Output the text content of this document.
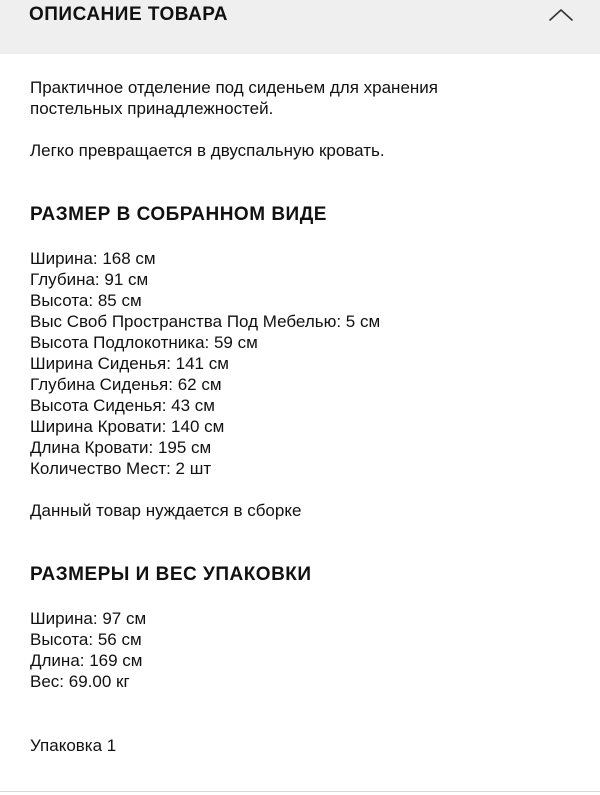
ОПИСАНИЕ ТОВАРА

Практичное отделение под сиденьем для хранения постельных принадлежностей.

Легко превращается в двуспальную кровать.

РАЗМЕР В СОБРАННОМ ВИДЕ
Ширина: 168 см
Глубина: 91 см
Высота: 85 см
Выс Своб Пространства Под Мебелью: 5 см
Высота Подлокотника: 59 см
Ширина Сиденья: 141 см
Глубина Сиденья: 62 см
Высота Сиденья: 43 см
Ширина Кровати: 140 см
Длина Кровати: 195 см
Количество Мест: 2 шт

Данный товар нуждается в сборке

РАЗМЕРЫ И ВЕС УПАКОВКИ
Ширина: 97 см
Высота: 56 см
Длина: 169 см
Вес: 69.00 кг

Упаковка 1
